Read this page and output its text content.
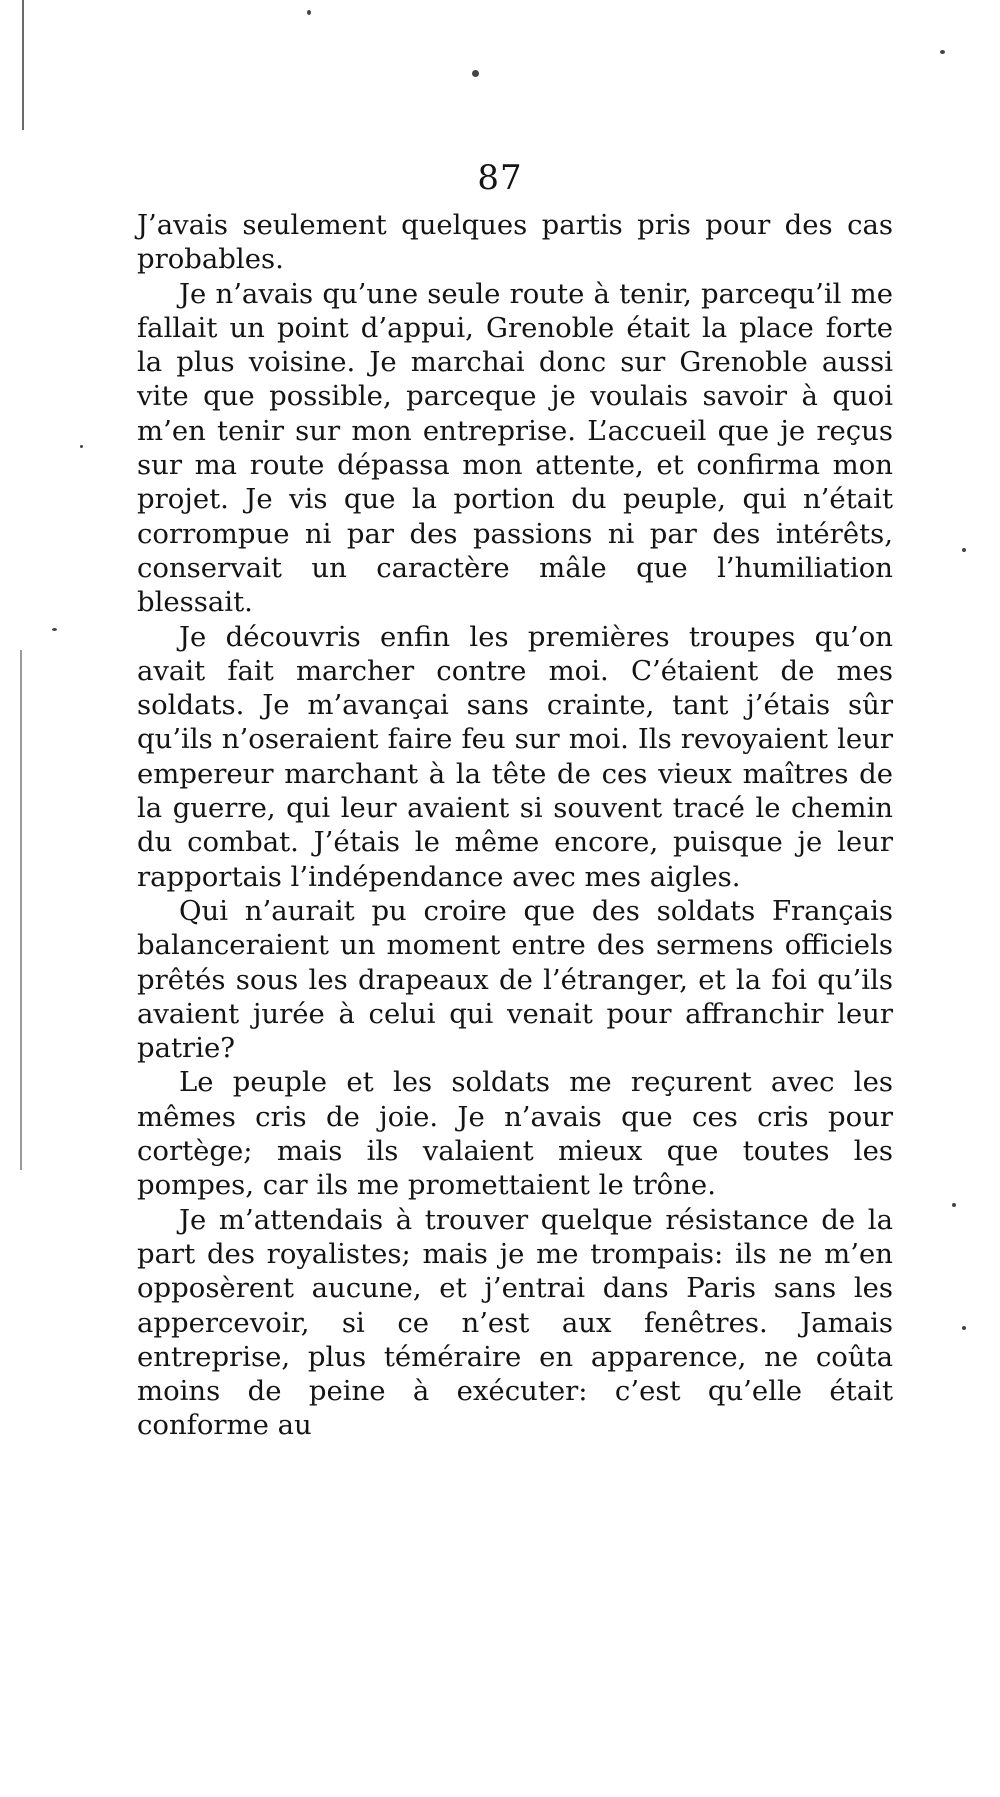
87

J’avais seulement quelques partis pris pour des cas probables.

Je n’avais qu’une seule route à tenir, parcequ’il me fallait un point d’appui, Grenoble était la place forte la plus voisine. Je marchai donc sur Grenoble aussi vite que possible, parceque je voulais savoir à quoi m’en tenir sur mon entreprise. L’accueil que je reçus sur ma route dépassa mon attente, et confirma mon projet. Je vis que la portion du peuple, qui n’était corrompue ni par des passions ni par des intérêts, conservait un caractère mâle que l’humiliation blessait.

Je découvris enfin les premières troupes qu’on avait fait marcher contre moi. C’étaient de mes soldats. Je m’avançai sans crainte, tant j’étais sûr qu’ils n’oseraient faire feu sur moi. Ils revoyaient leur empereur marchant à la tête de ces vieux maîtres de la guerre, qui leur avaient si souvent tracé le chemin du combat. J’étais le même encore, puisque je leur rapportais l’indépendance avec mes aigles.

Qui n’aurait pu croire que des soldats Français balanceraient un moment entre des sermens officiels prêtés sous les drapeaux de l’étranger, et la foi qu’ils avaient jurée à celui qui venait pour affranchir leur patrie?

Le peuple et les soldats me reçurent avec les mêmes cris de joie. Je n’avais que ces cris pour cortège; mais ils valaient mieux que toutes les pompes, car ils me promettaient le trône.

Je m’attendais à trouver quelque résistance de la part des royalistes; mais je me trompais: ils ne m’en opposèrent aucune, et j’entrai dans Paris sans les appercevoir, si ce n’est aux fenêtres. Jamais entreprise, plus téméraire en apparence, ne coûta moins de peine à exécuter: c’est qu’elle était conforme au
